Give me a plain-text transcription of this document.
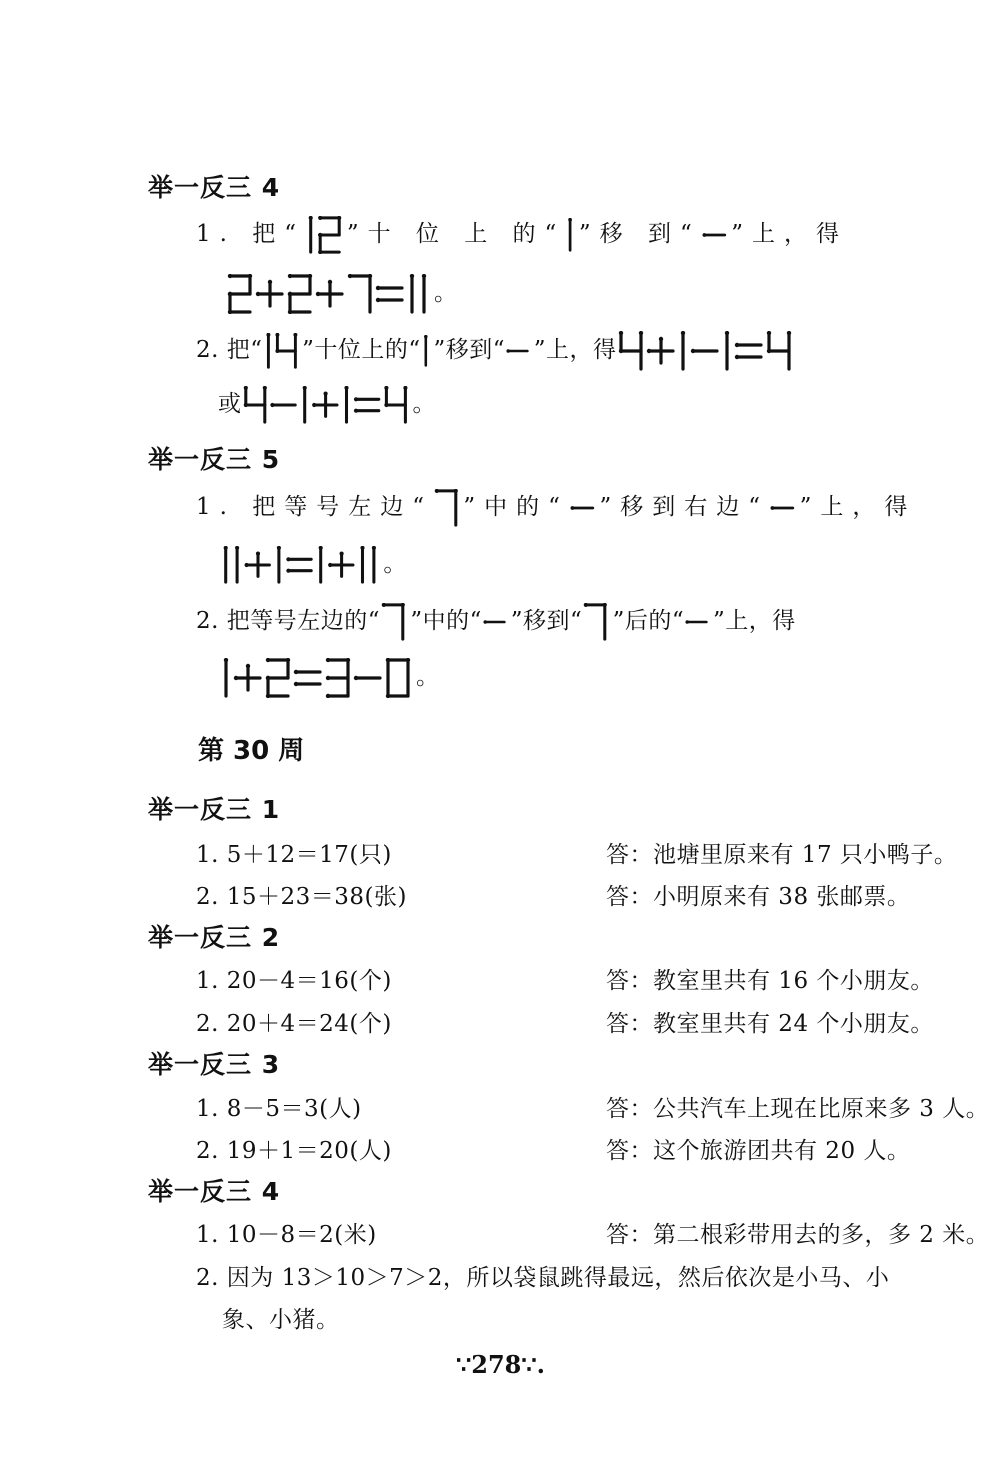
举一反三 4
1. 把“ ”十 位 上 的“ ”移 到“ ”上，得
。
2. 把“ ”十位上的“ ”移到“ ”上，得
或	。
举一反三 5
1. 把等号左边“ ”中的“ ”移到右边“ ”上，得
。
2. 把等号左边的“ ”中的“ ”移到“ ”后的“ ”上，得
。
第 30 周
举一反三 1
1. 5＋12＝17(只)	答：池塘里原来有 17 只小鸭子。
2. 15＋23＝38(张)	答：小明原来有 38 张邮票。
举一反三 2
1. 20－4＝16(个)	答：教室里共有 16 个小朋友。
2. 20＋4＝24(个)	答：教室里共有 24 个小朋友。
举一反三 3
1. 8－5＝3(人)	答：公共汽车上现在比原来多 3 人。
2. 19＋1＝20(人)	答：这个旅游团共有 20 人。
举一反三 4
1. 10－8＝2(米)	答：第二根彩带用去的多，多 2 米。
2. 因为 13＞10＞7＞2，所以袋鼠跳得最远，然后依次是小马、小
象、小猪。
∵278∵.
